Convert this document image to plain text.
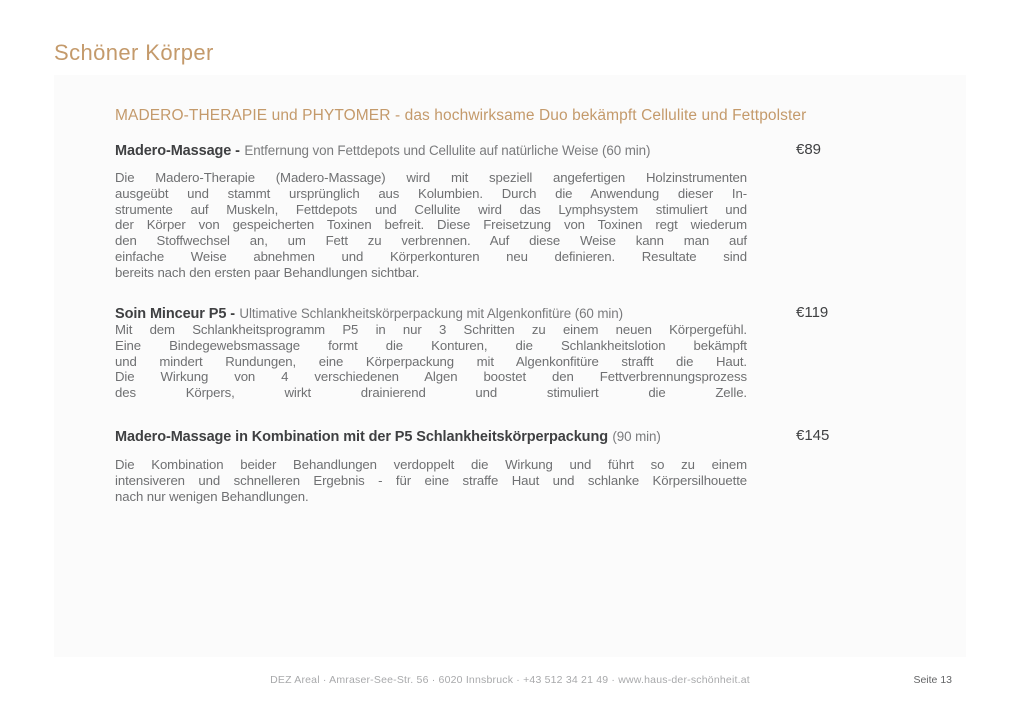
Schöner Körper
MADERO-THERAPIE und PHYTOMER - das hochwirksame Duo bekämpft Cellulite und Fettpolster
Madero-Massage - Entfernung von Fettdepots und Cellulite auf natürliche Weise (60 min)	€89
Die Madero-Therapie (Madero-Massage) wird mit speziell angefertigen Holzinstrumenten
ausgeübt und stammt ursprünglich aus Kolumbien. Durch die Anwendung dieser In-
strumente auf Muskeln, Fettdepots und Cellulite wird das Lymphsystem stimuliert und
der Körper von gespeicherten Toxinen befreit. Diese Freisetzung von Toxinen regt wiederum
den Stoffwechsel an, um Fett zu verbrennen. Auf diese Weise kann man auf
einfache Weise abnehmen und Körperkonturen neu definieren. Resultate sind
bereits nach den ersten paar Behandlungen sichtbar.
Soin Minceur P5 - Ultimative Schlankheitskörperpackung mit Algenkonfitüre (60 min)	€119
Mit dem Schlankheitsprogramm P5 in nur 3 Schritten zu einem neuen Körpergefühl.
Eine Bindegewebsmassage formt die Konturen, die Schlankheitslotion bekämpft
und mindert Rundungen, eine Körperpackung mit Algenkonfitüre strafft die Haut.
Die Wirkung von 4 verschiedenen Algen boostet den Fettverbrennungsprozess
des Körpers, wirkt drainierend und stimuliert die Zelle.
Madero-Massage in Kombination mit der P5 Schlankheitskörperpackung (90 min)	€145
Die Kombination beider Behandlungen verdoppelt die Wirkung und führt so zu einem
intensiveren und schnelleren Ergebnis - für eine straffe Haut und schlanke Körpersilhouette
nach nur wenigen Behandlungen.
DEZ Areal · Amraser-See-Str. 56 · 6020 Innsbruck · +43 512 34 21 49 · www.haus-der-schönheit.at	Seite 13
